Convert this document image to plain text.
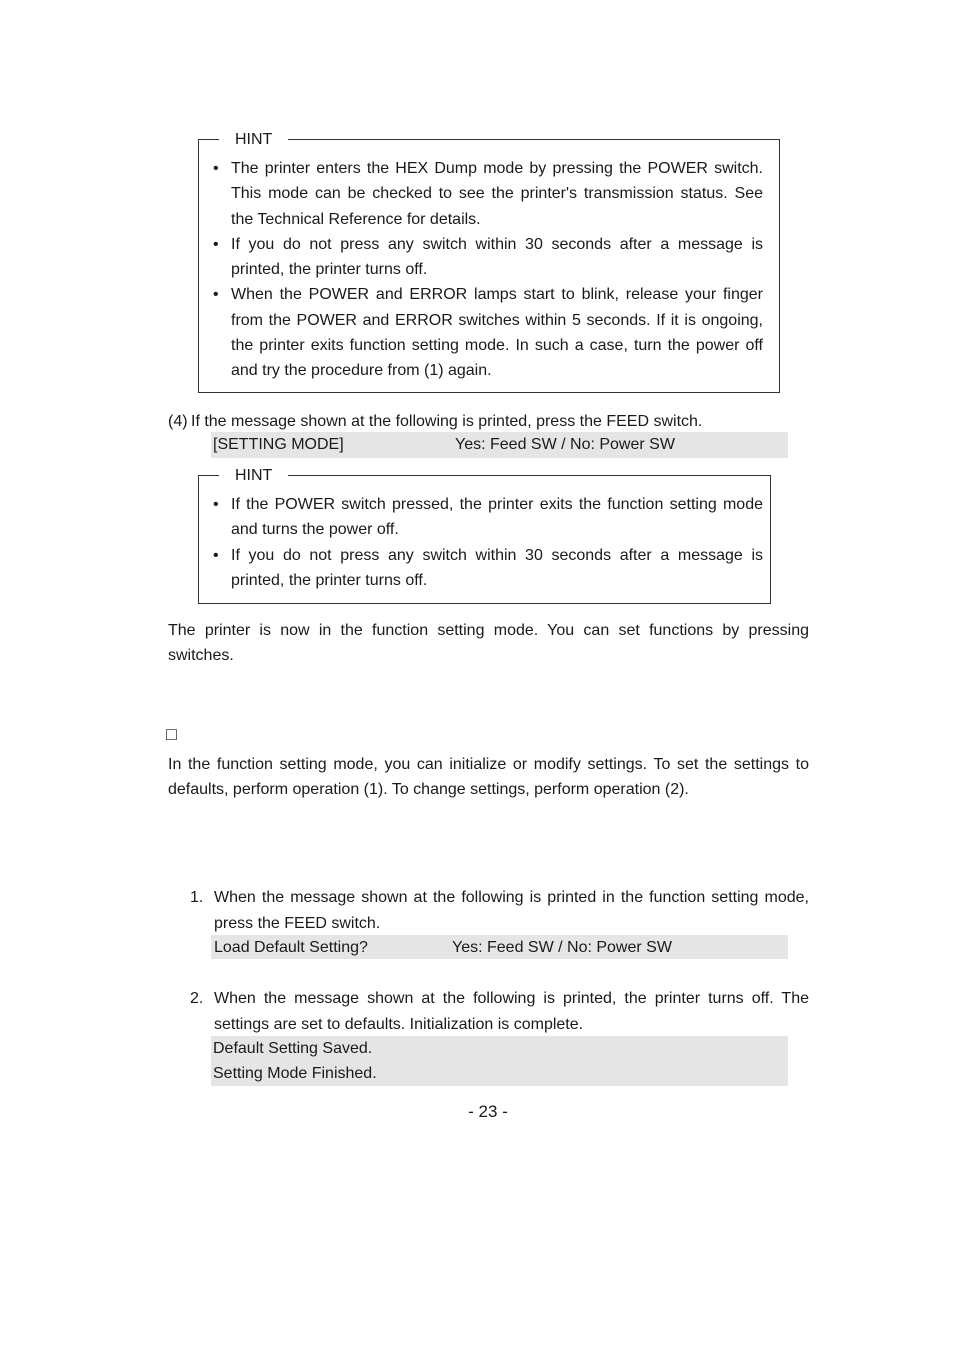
HINT
• The printer enters the HEX Dump mode by pressing the POWER switch. This mode can be checked to see the printer's transmission status. See the Technical Reference for details.
• If you do not press any switch within 30 seconds after a message is printed, the printer turns off.
• When the POWER and ERROR lamps start to blink, release your finger from the POWER and ERROR switches within 5 seconds. If it is ongoing, the printer exits function setting mode. In such a case, turn the power off and try the procedure from (1) again.
(4) If the message shown at the following is printed, press the FEED switch.
[SETTING MODE]	Yes: Feed SW / No: Power SW
HINT
• If the POWER switch pressed, the printer exits the function setting mode and turns the power off.
• If you do not press any switch within 30 seconds after a message is printed, the printer turns off.
The printer is now in the function setting mode. You can set functions by pressing switches.
□
In the function setting mode, you can initialize or modify settings. To set the settings to defaults, perform operation (1). To change settings, perform operation (2).
1. When the message shown at the following is printed in the function setting mode, press the FEED switch.
Load Default Setting?	Yes: Feed SW / No: Power SW
2. When the message shown at the following is printed, the printer turns off. The settings are set to defaults. Initialization is complete.
Default Setting Saved.
Setting Mode Finished.
- 23 -
